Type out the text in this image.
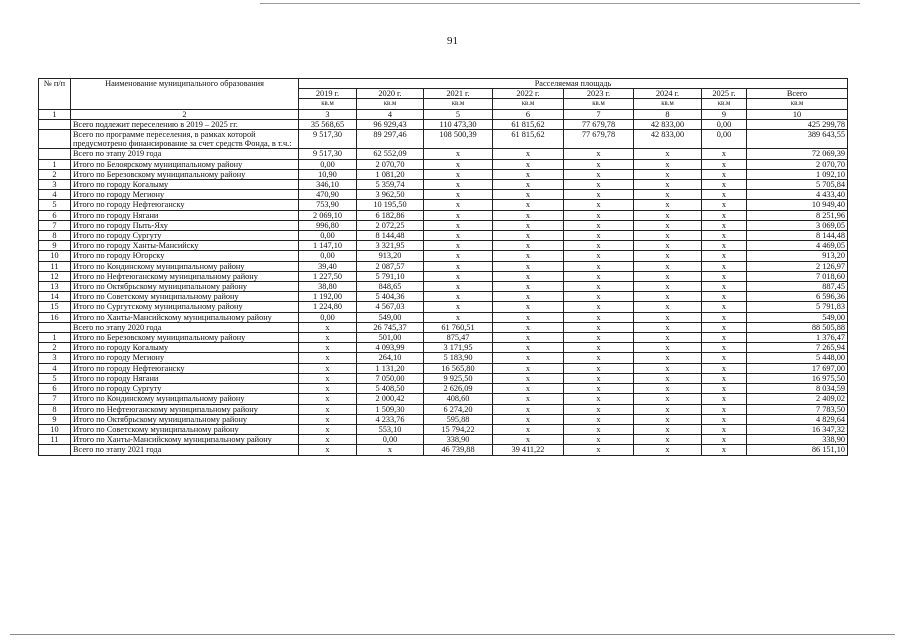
91
№ п/п	Наименование муниципального образования	Расселяемая площадь							
		2019 г.	2020 г.	2021 г.	2022 г.	2023 г.	2024 г.	2025 г.	Всего
		кв.м	кв.м	кв.м	кв.м	кв.м	кв.м	кв.м	кв.м
1	2	3	4	5	6	7	8	9	10
	Всего подлежит переселению в 2019 – 2025 гг.	35 568,65	96 929,43	110 473,30	61 815,62	77 679,78	42 833,00	0,00	425 299,78
	Всего по программе переселения, в рамках которой предусмотрено финансирование за счет средств Фонда, в т.ч.:	9 517,30	89 297,46	108 500,39	61 815,62	77 679,78	42 833,00	0,00	389 643,55
	Всего по этапу 2019 года	9 517,30	62 552,09	х	х	х	х	х	72 069,39
1	Итого по Белоярскому муниципальному району	0,00	2 070,70	х	х	х	х	х	2 070,70
2	Итого по Березовскому муниципальному району	10,90	1 081,20	х	х	х	х	х	1 092,10
3	Итого по городу Когалыму	346,10	5 359,74	х	х	х	х	х	5 705,84
4	Итого по городу Мегиону	470,90	3 962,50	х	х	х	х	х	4 433,40
5	Итого по городу Нефтеюганску	753,90	10 195,50	х	х	х	х	х	10 949,40
6	Итого по городу Нягани	2 069,10	6 182,86	х	х	х	х	х	8 251,96
7	Итого по городу Пыть-Яху	996,80	2 072,25	х	х	х	х	х	3 069,05
8	Итого по городу Сургуту	0,00	8 144,48	х	х	х	х	х	8 144,48
9	Итого по городу Ханты-Мансийску	1 147,10	3 321,95	х	х	х	х	х	4 469,05
10	Итого по городу Югорску	0,00	913,20	х	х	х	х	х	913,20
11	Итого по Кондинскому муниципальному району	39,40	2 087,57	х	х	х	х	х	2 126,97
12	Итого по Нефтеюганскому муниципальному району	1 227,50	5 791,10	х	х	х	х	х	7 018,60
13	Итого по Октябрьскому муниципальному району	38,80	848,65	х	х	х	х	х	887,45
14	Итого по Советскому муниципальному району	1 192,00	5 404,36	х	х	х	х	х	6 596,36
15	Итого по Сургутскому муниципальному району	1 224,80	4 567,03	х	х	х	х	х	5 791,83
16	Итого по Ханты-Мансийскому муниципальному району	0,00	549,00	х	х	х	х	х	549,00
	Всего по этапу 2020 года	х	26 745,37	61 760,51	х	х	х	х	88 505,88
1	Итого по Березовскому муниципальному району	х	501,00	875,47	х	х	х	х	1 376,47
2	Итого по городу Когалыму	х	4 093,99	3 171,95	х	х	х	х	7 265,94
3	Итого по городу Мегиону	х	264,10	5 183,90	х	х	х	х	5 448,00
4	Итого по городу Нефтеюганску	х	1 131,20	16 565,80	х	х	х	х	17 697,00
5	Итого по городу Нягани	х	7 050,00	9 925,50	х	х	х	х	16 975,50
6	Итого по городу Сургуту	х	5 408,50	2 626,09	х	х	х	х	8 034,59
7	Итого по Кондинскому муниципальному району	х	2 000,42	408,60	х	х	х	х	2 409,02
8	Итого по Нефтеюганскому муниципальному району	х	1 509,30	6 274,20	х	х	х	х	7 783,50
9	Итого по Октябрьскому муниципальному району	х	4 233,76	595,88	х	х	х	х	4 829,64
10	Итого по Советскому муниципальному району	х	553,10	15 794,22	х	х	х	х	16 347,32
11	Итого по Ханты-Мансийскому муниципальному району	х	0,00	338,90	х	х	х	х	338,90
	Всего по этапу 2021 года	х	х	46 739,88	39 411,22	х	х	х	86 151,10
